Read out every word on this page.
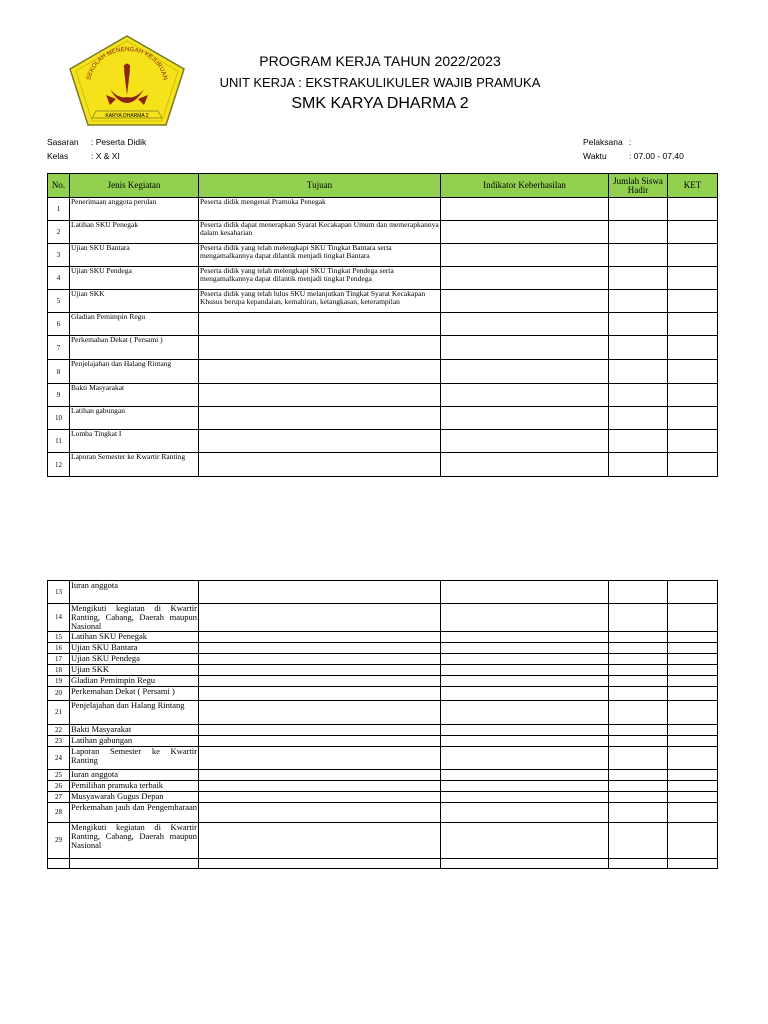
SEKOLAH MENENGAH KEJURUAN
KARYA DHARMA 2
PROGRAM KERJA TAHUN 2022/2023
UNIT KERJA : EKSTRAKULIKULER WAJIB PRAMUKA
SMK KARYA DHARMA 2
Sasaran : Peserta Didik
Kelas	: X & XI
Pelaksana :
Waktu	: 07.00 - 07.40
No.	Jenis Kegiatan	Tujuan	Indikator Keberhasilan	Jumlah Siswa Hadir	KET
1	Penerimaan anggota perulan	Peserta didik mengenal Pramuka Penegak			
2	Latihan SKU Penegak	Peserta didik dapat menerapkan Syarat Kecakapan Umum dan memerapkannya dalam kesaharian			
3	Ujian SKU Bantara	Peserta didik yang telah melengkapi SKU Tingkat Bantara serta mengamalkannya dapat dilantik menjadi tingkat Bantara			
4	Ujian SKU Pendega	Peserta didik yang telah melengkapi SKU Tingkat Pendega serta mengamalkannya dapat dilantik menjadi tingkat Pendega			
5	Ujian SKK	Peserta didik yang telah lulus SKU melanjutkan Tingkat Syarat Kecakapan Khusus berupa kepandaian, kemahiran, ketangkasan, keterampilan			
6	Gladian Pemimpin Regu				
7	Perkemahan Dekat ( Persami )				
8	Penjelajahan dan Halang Rintang				
9	Bakti Masyarakat				
10	Latihan gabungan				
11	Lomba Tingkat I				
12	Laporan Semester ke Kwartir Ranting				
13	Iuran anggota				
14	Mengikuti kegiatan di Kwartir Ranting, Cabang, Daerah maupun Nasional				
15	Latihan SKU Penegak				
16	Ujian SKU Bantara				
17	Ujian SKU Pendega				
18	Ujian SKK				
19	Gladian Pemimpin Regu				
20	Perkemahan Dekat ( Persami )				
21	Penjelajahan dan Halang Rintang				
22	Bakti Masyarakat				
23	Latihan gabungan				
24	Laporan Semester ke Kwartir Ranting				
25	Iuran anggota				
26	Pemilihan pramuka terbaik				
27	Musyawarah Gugus Depan				
28	Perkemahan jauh dan Pengembaraan				
29	Mengikuti kegiatan di Kwartir Ranting, Cabang, Daerah maupun Nasional				
